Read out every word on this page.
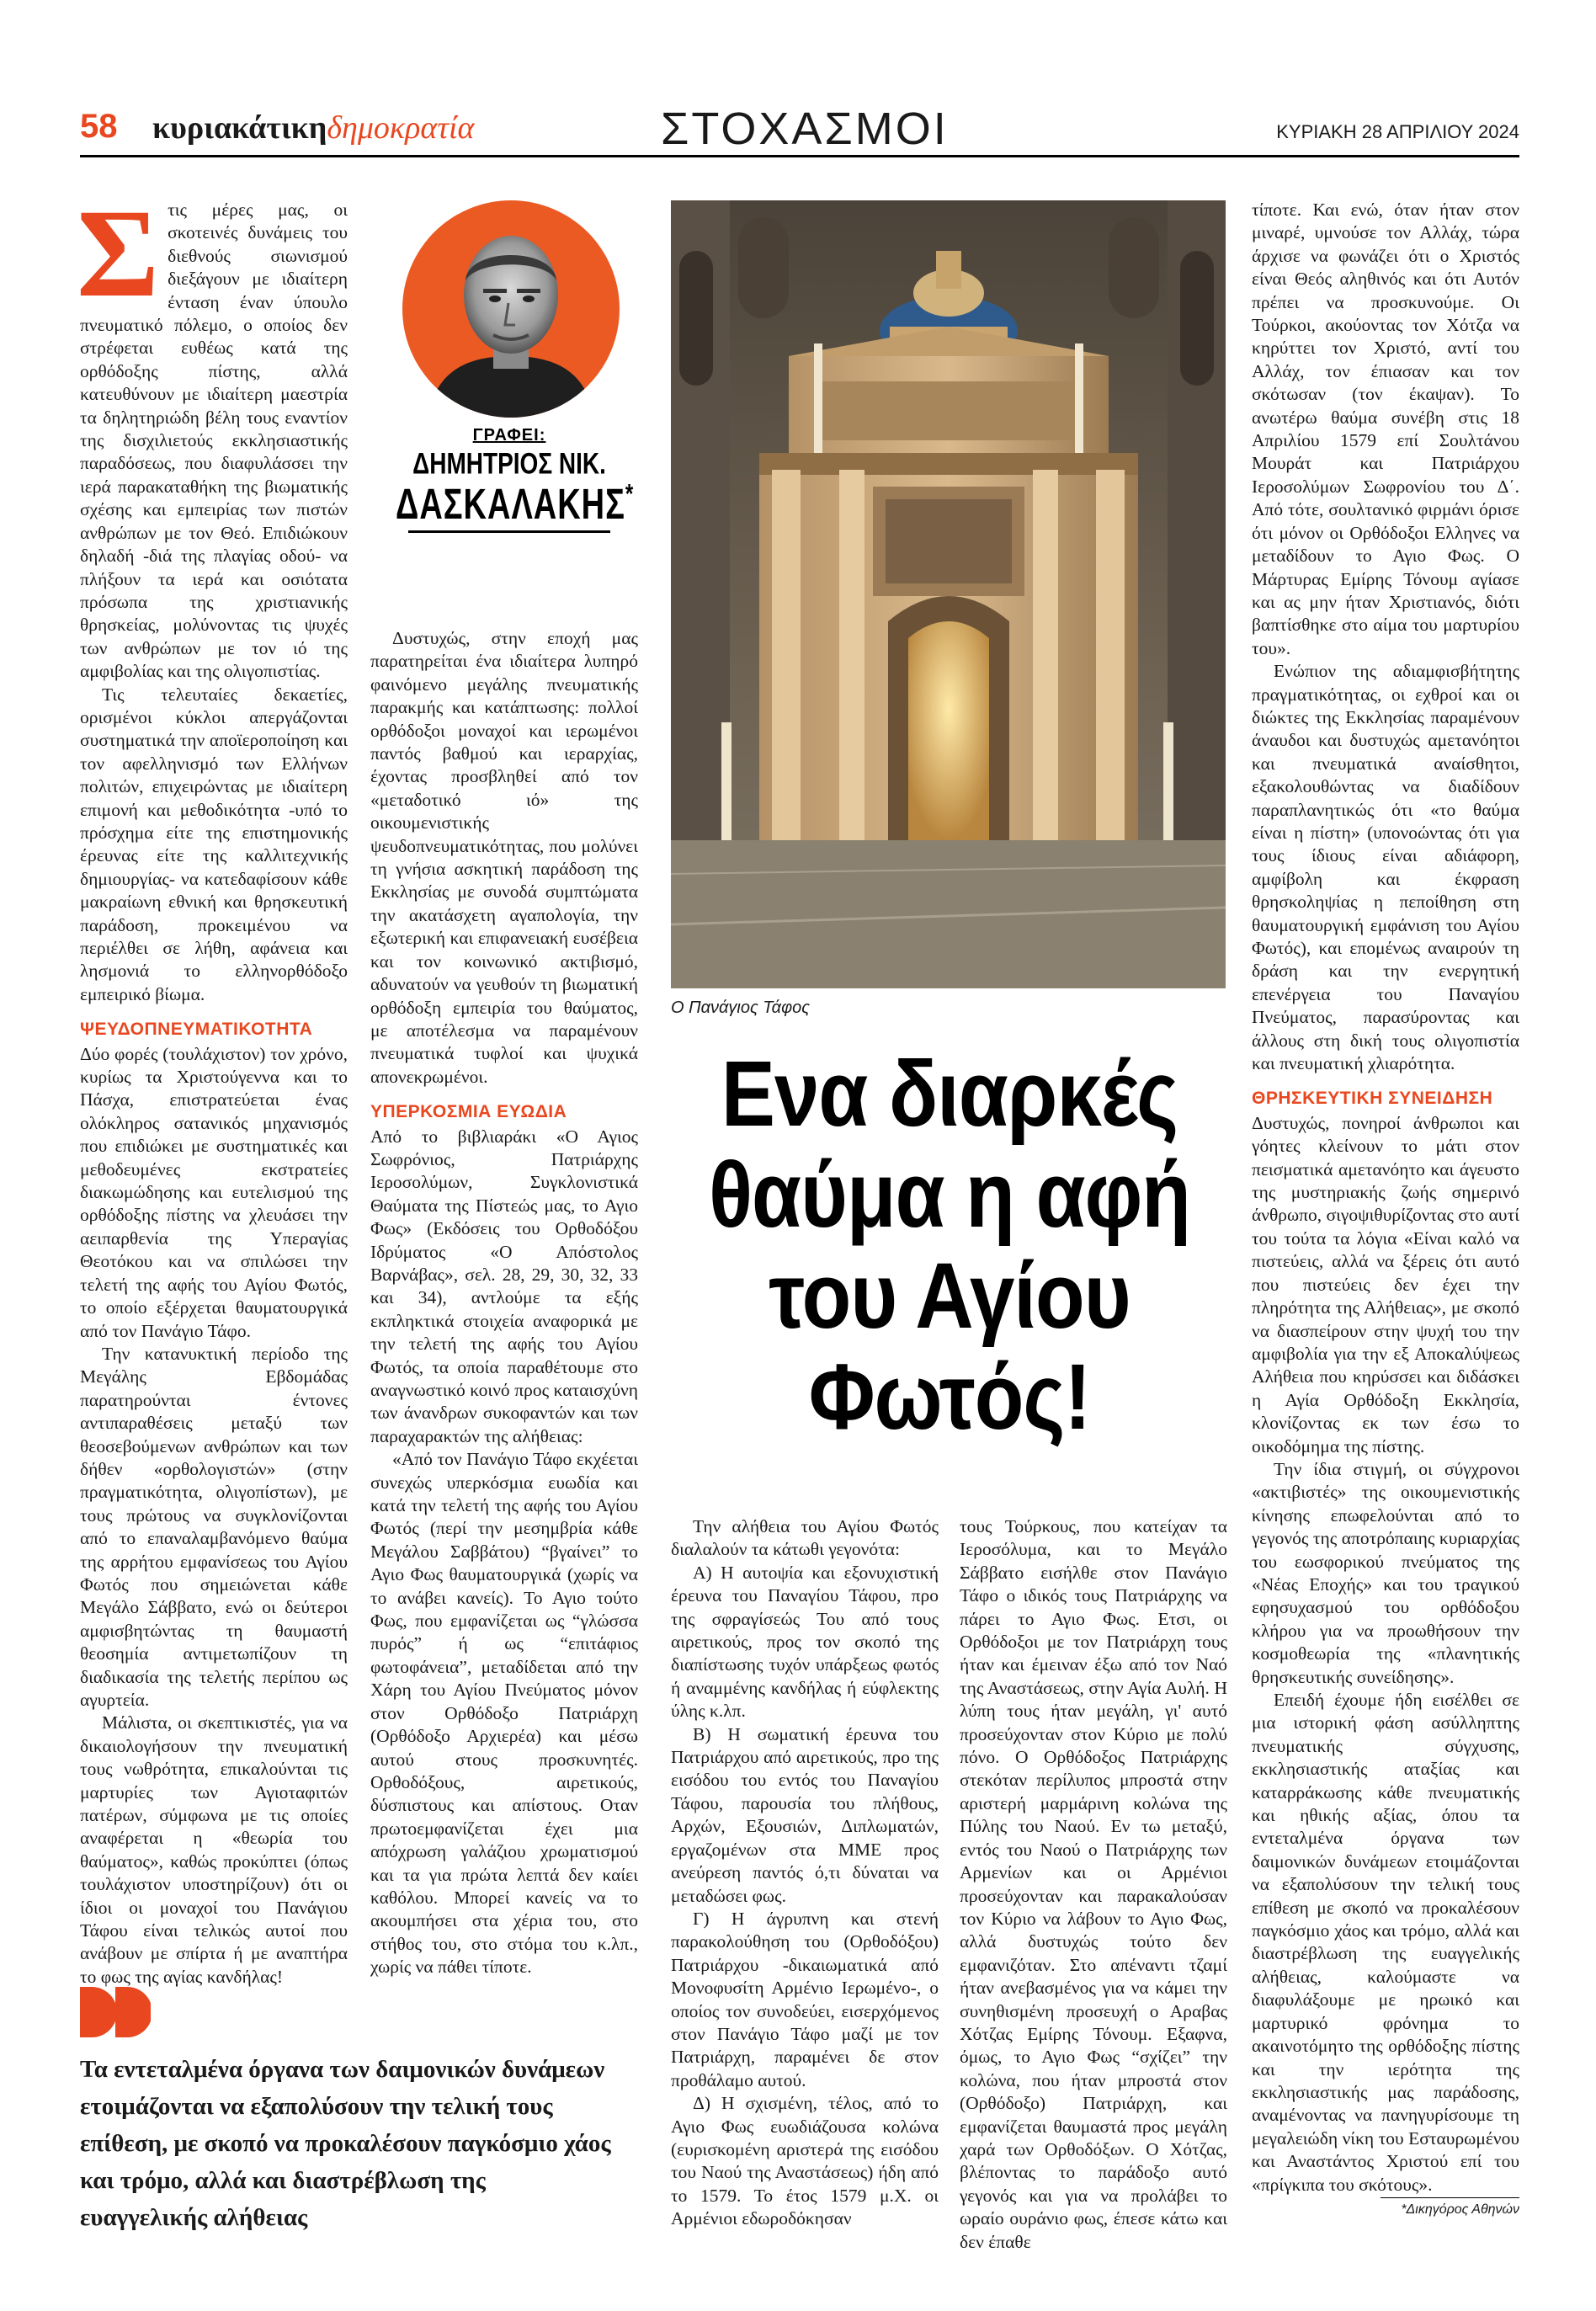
58 κυριακάτικηδημοκρατία	ΣΤΟΧΑΣΜΟΙ	ΚΥΡΙΑΚΗ 28 ΑΠΡΙΛΙΟΥ 2024
ΓΡΑΦΕΙ:
ΔΗΜΗΤΡΙΟΣ ΝΙΚ.
ΔΑΣΚΑΛΑΚΗΣ*
Ο Πανάγιος Τάφος
Ενα διαρκές
θαύμα η αφή
του Αγίου
Φωτός!
Σ τις μέρες μας, οι σκοτεινές δυνάμεις του διεθνούς σιωνισμού διεξάγουν με ιδιαίτερη ένταση έναν ύπουλο πνευματικό πόλεμο, ο οποίος δεν στρέφεται ευθέως κατά της ορθόδοξης πίστης, αλλά κατευθύνουν με ιδιαίτερη μαεστρία τα δηλητηριώδη βέλη τους εναντίον της δισχιλιετούς εκκλησιαστικής παραδόσεως, που διαφυλάσσει την ιερά παρακαταθήκη της βιωματικής σχέσης και εμπειρίας των πιστών ανθρώπων με τον Θεό. Επιδιώκουν δηλαδή -διά της πλαγίας οδού- να πλήξουν τα ιερά και οσιότατα πρόσωπα της χριστιανικής θρησκείας, μολύνοντας τις ψυχές των ανθρώπων με τον ιό της αμφιβολίας και της ολιγοπιστίας.

Τις τελευταίες δεκαετίες, ορισμένοι κύκλοι απεργάζονται συστηματικά την αποϊεροποίηση και τον αφελληνισμό των Ελλήνων πολιτών, επιχειρώντας με ιδιαίτερη επιμονή και μεθοδικότητα -υπό το πρόσχημα είτε της επιστημονικής έρευνας είτε της καλλιτεχνικής δημιουργίας- να κατεδαφίσουν κάθε μακραίωνη εθνική και θρησκευτική παράδοση, προκειμένου να περιέλθει σε λήθη, αφάνεια και λησμονιά το ελληνορθόδοξο εμπειρικό βίωμα.

ΨΕΥΔΟΠΝΕΥΜΑΤΙΚΟΤΗΤΑ

Δύο φορές (τουλάχιστον) τον χρόνο, κυρίως τα Χριστούγεννα και το Πάσχα, επιστρατεύεται ένας ολόκληρος σατανικός μηχανισμός που επιδιώκει με συστηματικές και μεθοδευμένες εκστρατείες διακωμώδησης και ευτελισμού της ορθόδοξης πίστης να χλευάσει την αειπαρθενία της Υπεραγίας Θεοτόκου και να σπιλώσει την τελετή της αφής του Αγίου Φωτός, το οποίο εξέρχεται θαυματουργικά από τον Πανάγιο Τάφο.

Την κατανυκτική περίοδο της Μεγάλης Εβδομάδας παρατηρούνται έντονες αντιπαραθέσεις μεταξύ των θεοσεβούμενων ανθρώπων και των δήθεν «ορθολογιστών» (στην πραγματικότητα, ολιγοπίστων), με τους πρώτους να συγκλονίζονται από το επαναλαμβανόμενο θαύμα της αρρήτου εμφανίσεως του Αγίου Φωτός που σημειώνεται κάθε Μεγάλο Σάββατο, ενώ οι δεύτεροι αμφισβητώντας τη θαυμαστή θεοσημία αντιμετωπίζουν τη διαδικασία της τελετής περίπου ως αγυρτεία.

Μάλιστα, οι σκεπτικιστές, για να δικαιολογήσουν την πνευματική τους νωθρότητα, επικαλούνται τις μαρτυρίες των Αγιοταφιτών πατέρων, σύμφωνα με τις οποίες αναφέρεται η «θεωρία του θαύματος», καθώς προκύπτει (όπως τουλάχιστον υποστηρίζουν) ότι οι ίδιοι οι μοναχοί του Πανάγιου Τάφου είναι τελικώς αυτοί που ανάβουν με σπίρτα ή με αναπτήρα το φως της αγίας κανδήλας!

Δυστυχώς, στην εποχή μας παρατηρείται ένα ιδιαίτερα λυπηρό φαινόμενο μεγάλης πνευματικής παρακμής και κατάπτωσης: πολλοί ορθόδοξοι μοναχοί και ιερωμένοι παντός βαθμού και ιεραρχίας, έχοντας προσβληθεί από τον «μεταδοτικό ιό» της οικουμενιστικής ψευδοπνευματικότητας, που μολύνει τη γνήσια ασκητική παράδοση της Εκκλησίας με συνοδά συμπτώματα την ακατάσχετη αγαπολογία, την εξωτερική και επιφανειακή ευσέβεια και τον κοινωνικό ακτιβισμό, αδυνατούν να γευθούν τη βιωματική ορθόδοξη εμπειρία του θαύματος, με αποτέλεσμα να παραμένουν πνευματικά τυφλοί και ψυχικά απονεκρωμένοι.

ΥΠΕΡΚΟΣΜΙΑ ΕΥΩΔΙΑ

Από το βιβλιαράκι «Ο Αγιος Σωφρόνιος, Πατριάρχης Ιεροσολύμων, Συγκλονιστικά Θαύματα της Πίστεώς μας, το Αγιο Φως» (Εκδόσεις του Ορθοδόξου Ιδρύματος «Ο Απόστολος Βαρνάβας», σελ. 28, 29, 30, 32, 33 και 34), αντλούμε τα εξής εκπληκτικά στοιχεία αναφορικά με την τελετή της αφής του Αγίου Φωτός, τα οποία παραθέτουμε στο αναγνωστικό κοινό προς καταισχύνη των άνανδρων συκοφαντών και των παραχαρακτών της αλήθειας:

«Από τον Πανάγιο Τάφο εκχέεται συνεχώς υπερκόσμια ευωδία και κατά την τελετή της αφής του Αγίου Φωτός (περί την μεσημβρία κάθε Μεγάλου Σαββάτου) “βγαίνει” το Αγιο Φως θαυματουργικά (χωρίς να το ανάβει κανείς). Το Αγιο τούτο Φως, που εμφανίζεται ως “γλώσσα πυρός” ή ως “επιτάφιος φωτοφάνεια”, μεταδίδεται από την Χάρη του Αγίου Πνεύματος μόνον στον Ορθόδοξο Πατριάρχη (Ορθόδοξο Αρχιερέα) και μέσω αυτού στους προσκυνητές. Ορθοδόξους, αιρετικούς, δύσπιστους και απίστους. Οταν πρωτοεμφανίζεται έχει μια απόχρωση γαλάζιου χρωματισμού και τα για πρώτα λεπτά δεν καίει καθόλου. Μπορεί κανείς να το ακουμπήσει στα χέρια του, στο στήθος του, στο στόμα του κ.λπ., χωρίς να πάθει τίποτε.

Την αλήθεια του Αγίου Φωτός διαλαλούν τα κάτωθι γεγονότα:

Α) Η αυτοψία και εξονυχιστική έρευνα του Παναγίου Τάφου, προ της σφραγίσεώς Του από τους αιρετικούς, προς τον σκοπό της διαπίστωσης τυχόν υπάρξεως φωτός ή αναμμένης κανδήλας ή εύφλεκτης ύλης κ.λπ.

Β) Η σωματική έρευνα του Πατριάρχου από αιρετικούς, προ της εισόδου του εντός του Παναγίου Τάφου, παρουσία του πλήθους, Αρχών, Εξουσιών, Διπλωματών, εργαζομένων στα ΜΜΕ προς ανεύρεση παντός ό,τι δύναται να μεταδώσει φως.

Γ) Η άγρυπνη και στενή παρακολούθηση του (Ορθοδόξου) Πατριάρχου -δικαιωματικά από Μονοφυσίτη Αρμένιο Ιερωμένο-, ο οποίος τον συνοδεύει, εισερχόμενος στον Πανάγιο Τάφο μαζί με τον Πατριάρχη, παραμένει δε στον προθάλαμο αυτού.

Δ) Η σχισμένη, τέλος, από το Αγιο Φως ευωδιάζουσα κολώνα (ευρισκομένη αριστερά της εισόδου του Ναού της Αναστάσεως) ήδη από το 1579. Το έτος 1579 μ.Χ. οι Αρμένιοι εδωροδόκησαν

τους Τούρκους, που κατείχαν τα Ιεροσόλυμα, και το Μεγάλο Σάββατο εισήλθε στον Πανάγιο Τάφο ο ιδικός τους Πατριάρχης να πάρει το Αγιο Φως. Ετσι, οι Ορθόδοξοι με τον Πατριάρχη τους ήταν και έμειναν έξω από τον Ναό της Αναστάσεως, στην Αγία Αυλή. Η λύπη τους ήταν μεγάλη, γι' αυτό προσεύχονταν στον Κύριο με πολύ πόνο. Ο Ορθόδοξος Πατριάρχης στεκόταν περίλυπος μπροστά στην αριστερή μαρμάρινη κολώνα της Πύλης του Ναού. Εν τω μεταξύ, εντός του Ναού ο Πατριάρχης των Αρμενίων και οι Αρμένιοι προσεύχονταν και παρακαλούσαν τον Κύριο να λάβουν το Αγιο Φως, αλλά δυστυχώς τούτο δεν εμφανιζόταν. Στο απέναντι τζαμί ήταν ανεβασμένος για να κάμει την συνηθισμένη προσευχή ο Αραβας Χότζας Εμίρης Τόνουμ. Εξαφνα, όμως, το Αγιο Φως “σχίζει” την κολώνα, που ήταν μπροστά στον (Ορθόδοξο) Πατριάρχη, και εμφανίζεται θαυμαστά προς μεγάλη χαρά των Ορθοδόξων. Ο Χότζας, βλέποντας το παράδοξο αυτό γεγονός και για να προλάβει το ωραίο ουράνιο φως, έπεσε κάτω και δεν έπαθε

τίποτε. Και ενώ, όταν ήταν στον μιναρέ, υμνούσε τον Αλλάχ, τώρα άρχισε να φωνάζει ότι ο Χριστός είναι Θεός αληθινός και ότι Αυτόν πρέπει να προσκυνούμε. Οι Τούρκοι, ακούοντας τον Χότζα να κηρύττει τον Χριστό, αντί του Αλλάχ, τον έπιασαν και τον σκότωσαν (τον έκαψαν). Το ανωτέρω θαύμα συνέβη στις 18 Απριλίου 1579 επί Σουλτάνου Μουράτ και Πατριάρχου Ιεροσολύμων Σωφρονίου του Δ΄. Από τότε, σουλτανικό φιρμάνι όρισε ότι μόνον οι Ορθόδοξοι Ελληνες να μεταδίδουν το Αγιο Φως. Ο Μάρτυρας Εμίρης Τόνουμ αγίασε και ας μην ήταν Χριστιανός, διότι βαπτίσθηκε στο αίμα του μαρτυρίου του».

Ενώπιον της αδιαμφισβήτητης πραγματικότητας, οι εχθροί και οι διώκτες της Εκκλησίας παραμένουν άναυδοι και δυστυχώς αμετανόητοι και πνευματικά αναίσθητοι, εξακολουθώντας να διαδίδουν παραπλανητικώς ότι «το θαύμα είναι η πίστη» (υπονοώντας ότι για τους ίδιους είναι αδιάφορη, αμφίβολη και έκφραση θρησκοληψίας η πεποίθηση στη θαυματουργική εμφάνιση του Αγίου Φωτός), και επομένως αναιρούν τη δράση και την ενεργητική επενέργεια του Παναγίου Πνεύματος, παρασύροντας και άλλους στη δική τους ολιγοπιστία και πνευματική χλιαρότητα.

ΘΡΗΣΚΕΥΤΙΚΗ ΣΥΝΕΙΔΗΣΗ

Δυστυχώς, πονηροί άνθρωποι και γόητες κλείνουν το μάτι στον πεισματικά αμετανόητο και άγευστο της μυστηριακής ζωής σημερινό άνθρωπο, σιγοψιθυρίζοντας στο αυτί του τούτα τα λόγια «Είναι καλό να πιστεύεις, αλλά να ξέρεις ότι αυτό που πιστεύεις δεν έχει την πληρότητα της Αλήθειας», με σκοπό να διασπείρουν στην ψυχή του την αμφιβολία για την εξ Αποκαλύψεως Αλήθεια που κηρύσσει και διδάσκει η Αγία Ορθόδοξη Εκκλησία, κλονίζοντας εκ των έσω το οικοδόμημα της πίστης.

Την ίδια στιγμή, οι σύγχρονοι «ακτιβιστές» της οικουμενιστικής κίνησης επωφελούνται από το γεγονός της αποτρόπαιης κυριαρχίας του εωσφορικού πνεύματος της «Νέας Εποχής» και του τραγικού εφησυχασμού του ορθόδοξου κλήρου για να προωθήσουν την κοσμοθεωρία της «πλανητικής θρησκευτικής συνείδησης».

Επειδή έχουμε ήδη εισέλθει σε μια ιστορική φάση ασύλληπτης πνευματικής σύγχυσης, εκκλησιαστικής αταξίας και καταρράκωσης κάθε πνευματικής και ηθικής αξίας, όπου τα εντεταλμένα όργανα των δαιμονικών δυνάμεων ετοιμάζονται να εξαπολύσουν την τελική τους επίθεση με σκοπό να προκαλέσουν παγκόσμιο χάος και τρόμο, αλλά και διαστρέβλωση της ευαγγελικής αλήθειας, καλούμαστε να διαφυλάξουμε με ηρωικό και μαρτυρικό φρόνημα το ακαινοτόμητο της ορθόδοξης πίστης και την ιερότητα της εκκλησιαστικής μας παράδοσης, αναμένοντας να πανηγυρίσουμε τη μεγαλειώδη νίκη του Εσταυρωμένου και Αναστάντος Χριστού επί του «πρίγκιπα του σκότους».

*Δικηγόρος Αθηνών
Τα εντεταλμένα όργανα των δαιμονικών δυνάμεων ετοιμάζονται να εξαπολύσουν την τελική τους επίθεση, με σκοπό να προκαλέσουν παγκόσμιο χάος και τρόμο, αλλά και διαστρέβλωση της ευαγγελικής αλήθειας
